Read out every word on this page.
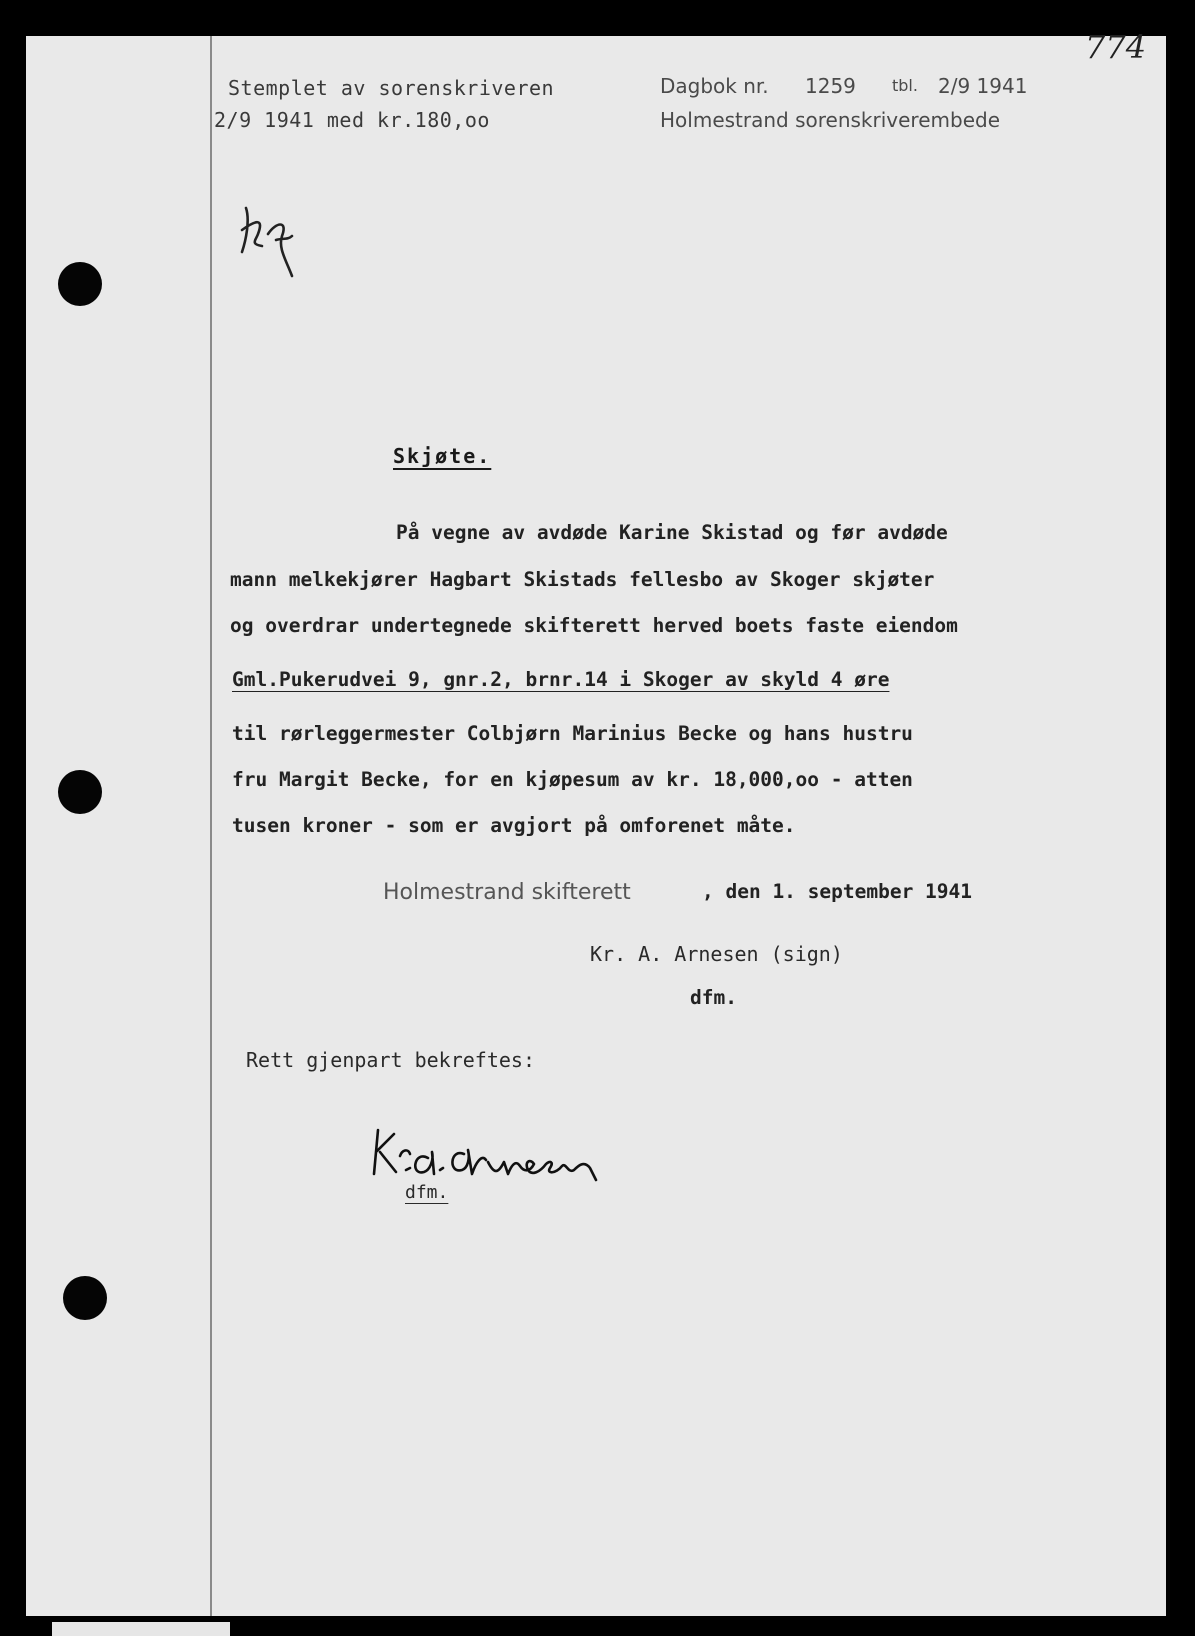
Stemplet av sorenskriveren
2/9 1941 med kr.180,oo
Dagbok nr. 1259 tbl. 2/9 1941
Holmestrand sorenskriverembede
774
Skjøte.
På vegne av avdøde Karine Skistad og før avdøde
mann melkekjører Hagbart Skistads fellesbo av Skoger skjøter
og overdrar undertegnede skifterett herved boets faste eiendom
Gml.Pukerudvei 9, gnr.2, brnr.14 i Skoger av skyld 4 øre
til rørleggermester Colbjørn Marinius Becke og hans hustru
fru Margit Becke, for en kjøpesum av kr. 18,000,oo - atten
tusen kroner - som er avgjort på omforenet måte.
Holmestrand skifterett	, den 1. september 1941
Kr. A. Arnesen (sign)
dfm.
Rett gjenpart bekreftes:
dfm.
